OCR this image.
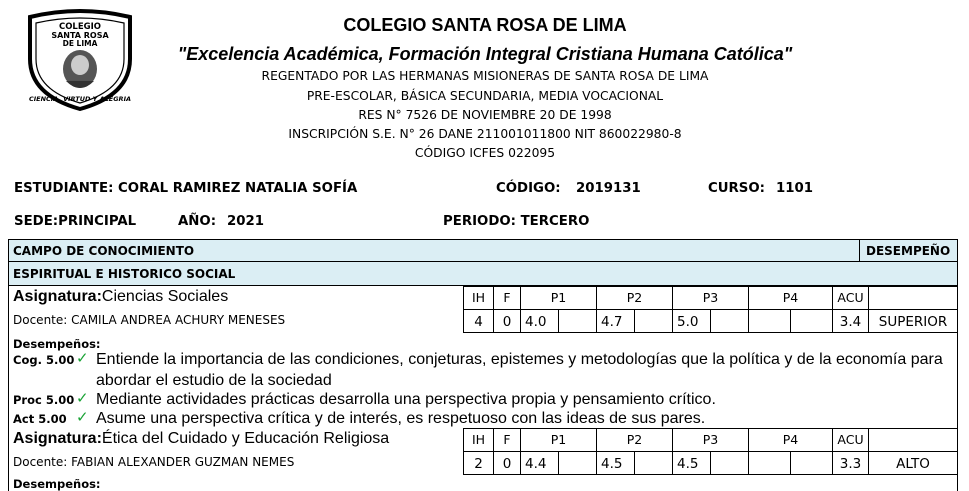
COLEGIO
SANTA ROSA
DE LIMA
CIENCIA, VIRTUD Y ALEGRIA
COLEGIO SANTA ROSA DE LIMA
"Excelencia Académica, Formación Integral Cristiana Humana Católica"
REGENTADO POR LAS HERMANAS MISIONERAS DE SANTA ROSA DE LIMA
PRE-ESCOLAR, BÁSICA SECUNDARIA, MEDIA VOCACIONAL
RES N° 7526 DE NOVIEMBRE 20 DE 1998
INSCRIPCIÓN S.E. N° 26 DANE 211001011800 NIT 860022980-8
CÓDIGO ICFES 022095
ESTUDIANTE: CORAL RAMIREZ NATALIA SOFÍA	CÓDIGO: 2019131	CURSO: 1101
SEDE:PRINCIPAL	AÑO: 2021	PERIODO: TERCERO
CAMPO DE CONOCIMIENTO	DESEMPEÑO
ESPIRITUAL E HISTORICO SOCIAL
Asignatura:Ciencias Sociales
Docente: CAMILA ANDREA ACHURY MENESES
IH	F	P1	P2	P3	P4	ACU
4	0	4.0	4.7	5.0	3.4	SUPERIOR
Desempeños:
Cog. 5.00 ✓ Entiende la importancia de las condiciones, conjeturas, epistemes y metodologías que la política y de la economía para abordar el estudio de la sociedad
Proc 5.00 ✓ Mediante actividades prácticas desarrolla una perspectiva propia y pensamiento crítico.
Act 5.00 ✓ Asume una perspectiva crítica y de interés, es respetuoso con las ideas de sus pares.
Asignatura:Ética del Cuidado y Educación Religiosa
Docente: FABIAN ALEXANDER GUZMAN NEMES
IH	F	P1	P2	P3	P4	ACU
2	0	4.4	4.5	4.5	3.3	ALTO
Desempeños:
